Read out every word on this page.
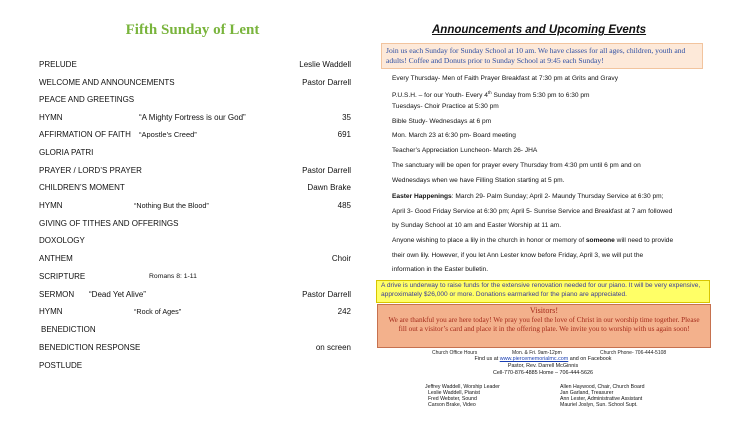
Fifth Sunday of Lent
PRELUDE	Leslie Waddell
WELCOME AND ANNOUNCEMENTS	Pastor Darrell
PEACE AND GREETINGS
HYMN	“A Mighty Fortress is our God”	35
AFFIRMATION OF FAITH “Apostle’s Creed”	691
GLORIA PATRI
PRAYER / LORD’S PRAYER	Pastor Darrell
CHILDREN’S MOMENT	Dawn Brake
HYMN	“Nothing But the Blood”	485
GIVING OF TITHES AND OFFERINGS
DOXOLOGY
ANTHEM	Choir
SCRIPTURE	Romans 8: 1-11
SERMON “Dead Yet Alive”	Pastor Darrell
HYMN	“Rock of Ages”	242
BENEDICTION
BENEDICTION RESPONSE	on screen
POSTLUDE
Announcements and Upcoming Events
Join us each Sunday for Sunday School at 10 am. We have classes for all ages, children, youth and adults! Coffee and Donuts prior to Sunday School at 9:45 each Sunday!
Every Thursday- Men of Faith Prayer Breakfast at 7:30 pm at Grits and Gravy
P.U.S.H. – for our Youth- Every 4th Sunday from 5:30 pm to 6:30 pm
Tuesdays- Choir Practice at 5:30 pm
Bible Study- Wednesdays at 6 pm
Mon. March 23 at 6:30 pm- Board meeting
Teacher’s Appreciation Luncheon- March 26- JHA
The sanctuary will be open for prayer every Thursday from 4:30 pm until 6 pm and on
Wednesdays when we have Filling Station starting at 5 pm.
Easter Happenings: March 29- Palm Sunday; April 2- Maundy Thursday Service at 6:30 pm;
April 3- Good Friday Service at 6:30 pm; April 5- Sunrise Service and Breakfast at 7 am followed
by Sunday School at 10 am and Easter Worship at 11 am.
Anyone wishing to place a lily in the church in honor or memory of someone will need to provide
their own lily. However, if you let Ann Lester know before Friday, April 3, we will put the
information in the Easter bulletin.
A drive is underway to raise funds for the extensive renovation needed for our piano. It will be very expensive, approximately $26,000 or more. Donations earmarked for the piano are appreciated.
Visitors!
We are thankful you are here today! We pray you feel the love of Christ in our worship time together. Please fill out a visitor’s card and place it in the offering plate. We invite you to worship with us again soon!
Church Office Hours	Mon. & Fri. 9am-12pm	Church Phone- 706-444-5108
Find us at www.piercememorialmc.com and on Facebook
Pastor, Rev. Darrell McGinnis
Cell-770-876-4885 Home – 706-444-5626
Jeffrey Waddell, Worship Leader
Leslie Waddell, Pianist
Fred Webster, Sound
Carson Brake, Video
Allen Haywood, Chair, Church Board
Jan Garland, Treasurer
Ann Lester, Administrative Assistant
Mauriel Joslyn, Sun. School Supt.
